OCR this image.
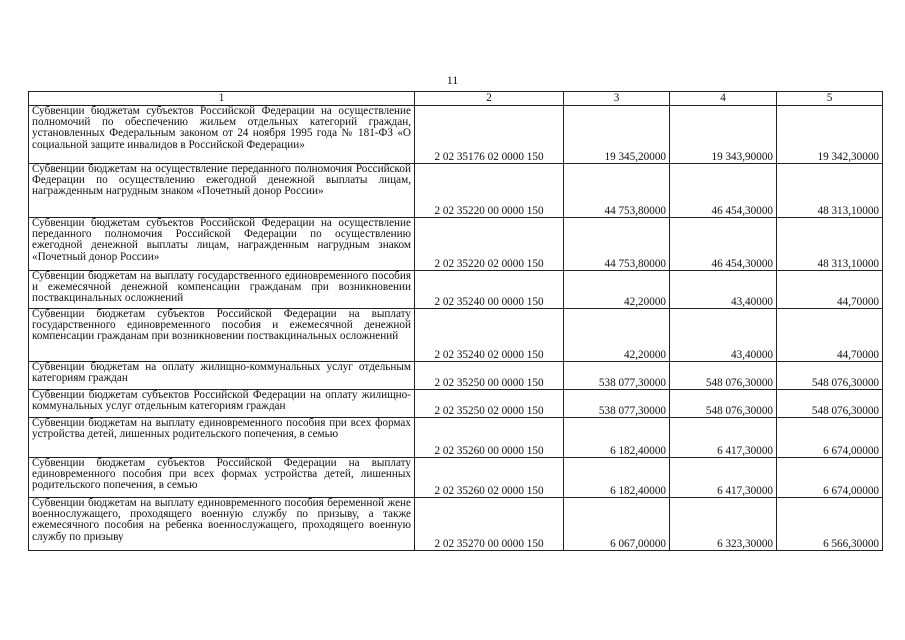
11
1	2	3	4	5
Субвенции бюджетам субъектов Российской Федерации на осуществление полномочий по обеспечению жильем отдельных категорий граждан, установленных Федеральным законом от 24 ноября 1995 года № 181-ФЗ «О социальной защите инвалидов в Российской Федерации»	2 02 35176 02 0000 150	19 345,20000	19 343,90000	19 342,30000
Субвенции бюджетам на осуществление переданного полномочия Российской Федерации по осуществлению ежегодной денежной выплаты лицам, награжденным нагрудным знаком «Почетный донор России»	2 02 35220 00 0000 150	44 753,80000	46 454,30000	48 313,10000
Субвенции бюджетам субъектов Российской Федерации на осуществление переданного полномочия Российской Федерации по осуществлению ежегодной денежной выплаты лицам, награжденным нагрудным знаком «Почетный донор России»	2 02 35220 02 0000 150	44 753,80000	46 454,30000	48 313,10000
Субвенции бюджетам на выплату государственного единовременного пособия и ежемесячной денежной компенсации гражданам при возникновении поствакцинальных осложнений	2 02 35240 00 0000 150	42,20000	43,40000	44,70000
Субвенции бюджетам субъектов Российской Федерации на выплату государственного единовременного пособия и ежемесячной денежной компенсации гражданам при возникновении поствакцинальных осложнений	2 02 35240 02 0000 150	42,20000	43,40000	44,70000
Субвенции бюджетам на оплату жилищно-коммунальных услуг отдельным категориям граждан	2 02 35250 00 0000 150	538 077,30000	548 076,30000	548 076,30000
Субвенции бюджетам субъектов Российской Федерации на оплату жилищно-коммунальных услуг отдельным категориям граждан	2 02 35250 02 0000 150	538 077,30000	548 076,30000	548 076,30000
Субвенции бюджетам на выплату единовременного пособия при всех формах устройства детей, лишенных родительского попечения, в семью	2 02 35260 00 0000 150	6 182,40000	6 417,30000	6 674,00000
Субвенции бюджетам субъектов Российской Федерации на выплату единовременного пособия при всех формах устройства детей, лишенных родительского попечения, в семью	2 02 35260 02 0000 150	6 182,40000	6 417,30000	6 674,00000
Субвенции бюджетам на выплату единовременного пособия беременной жене военнослужащего, проходящего военную службу по призыву, а также ежемесячного пособия на ребенка военнослужащего, проходящего военную службу по призыву	2 02 35270 00 0000 150	6 067,00000	6 323,30000	6 566,30000
